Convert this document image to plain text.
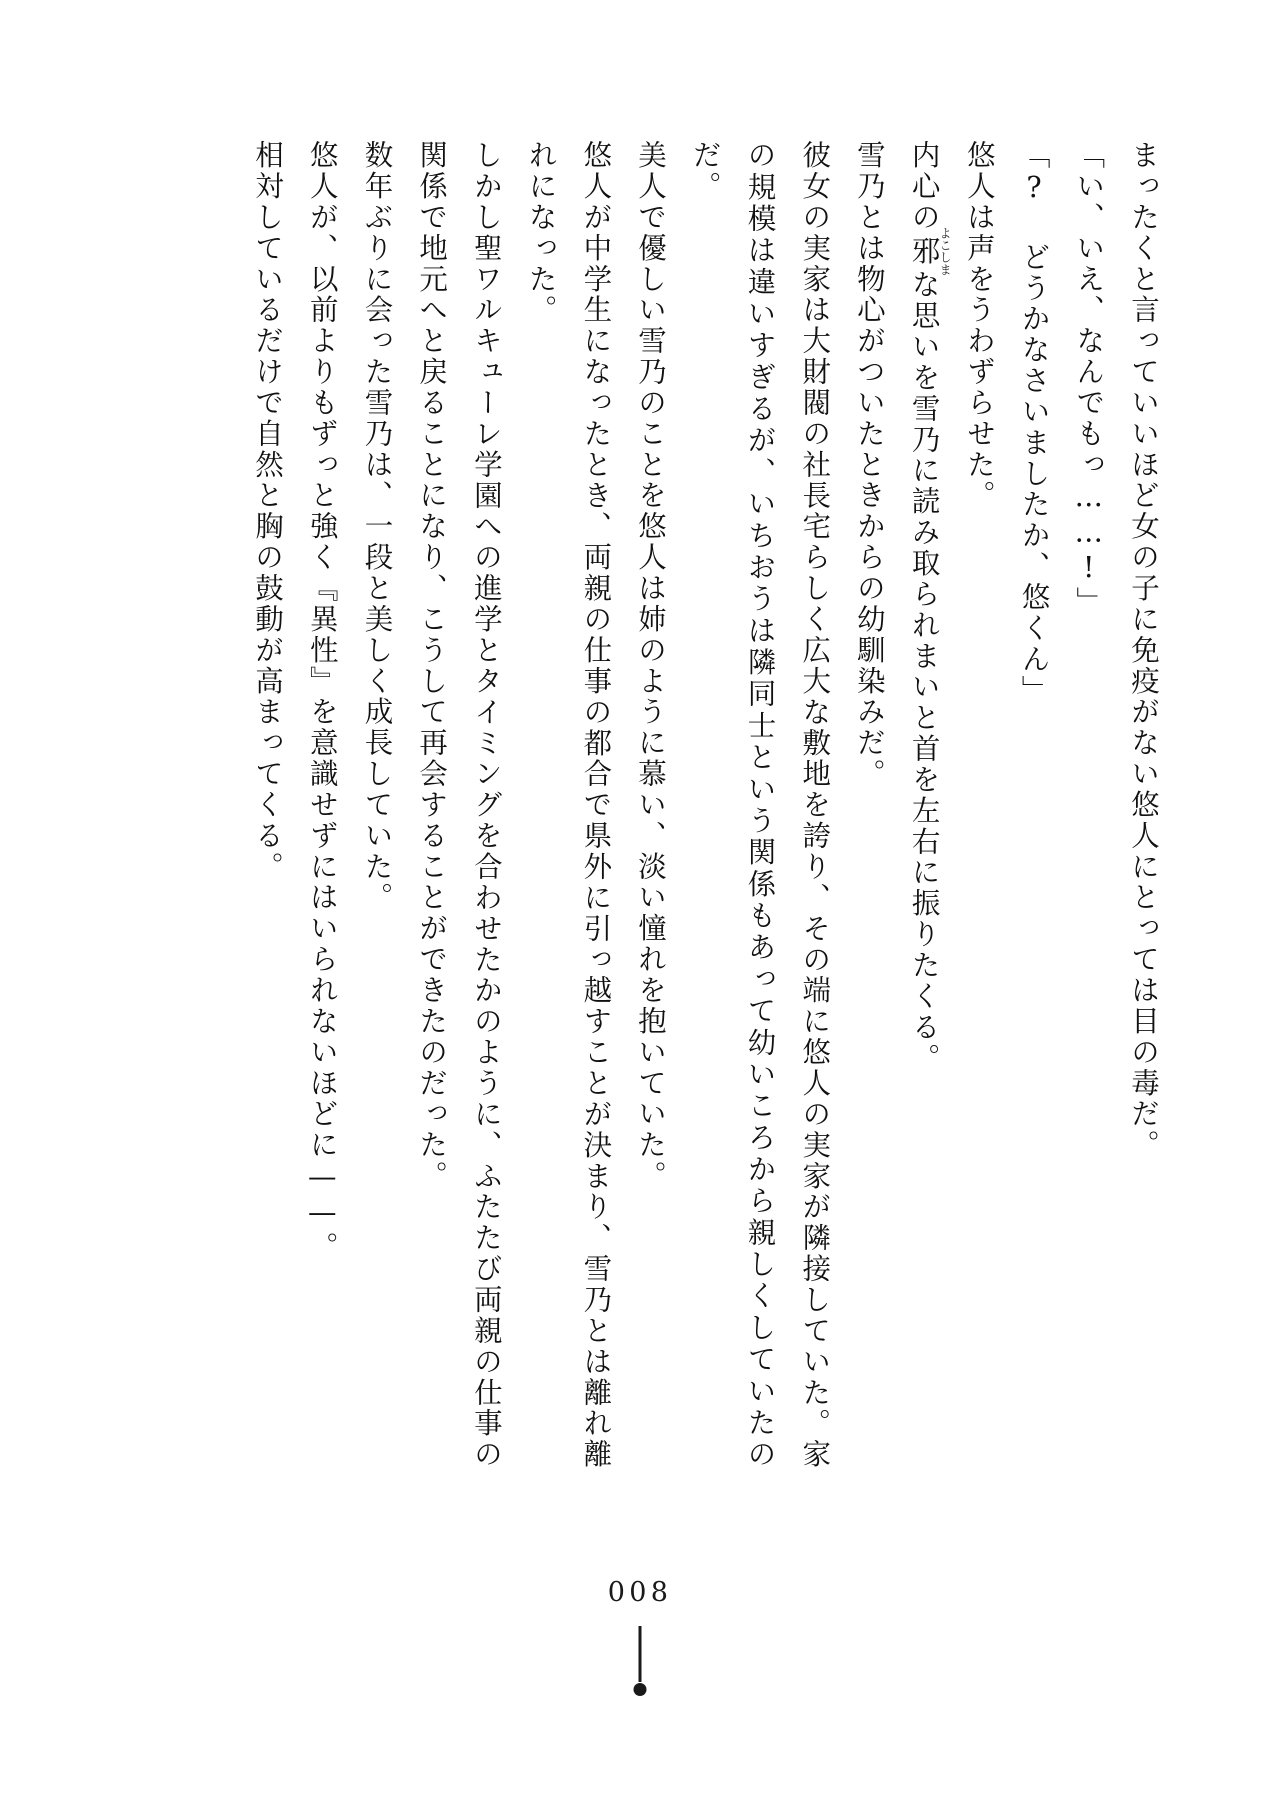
まったくと言っていいほど女の子に免疫がない悠人にとっては目の毒だ。

「い、いえ、なんでもっ……!」

「? どうかなさいましたか、悠くん」

悠人は声をうわずらせた。

内心の邪よこしまな思いを雪乃に読み取られまいと首を左右に振りたくる。

雪乃とは物心がついたときからの幼馴染みだ。

彼女の実家は大財閥の社長宅らしく広大な敷地を誇り、その端に悠人の実家が隣接していた。家の規模は違いすぎるが、いちおうは隣同士という関係もあって幼いころから親しくしていたのだ。

美人で優しい雪乃のことを悠人は姉のように慕い、淡い憧れを抱いていた。

悠人が中学生になったとき、両親の仕事の都合で県外に引っ越すことが決まり、雪乃とは離れ離れになった。

しかし聖ワルキューレ学園への進学とタイミングを合わせたかのように、ふたたび両親の仕事の関係で地元へと戻ることになり、こうして再会することができたのだった。

数年ぶりに会った雪乃は、一段と美しく成長していた。

悠人が、以前よりもずっと強く『異性』を意識せずにはいられないほどに——。

相対しているだけで自然と胸の鼓動が高まってくる。

008
